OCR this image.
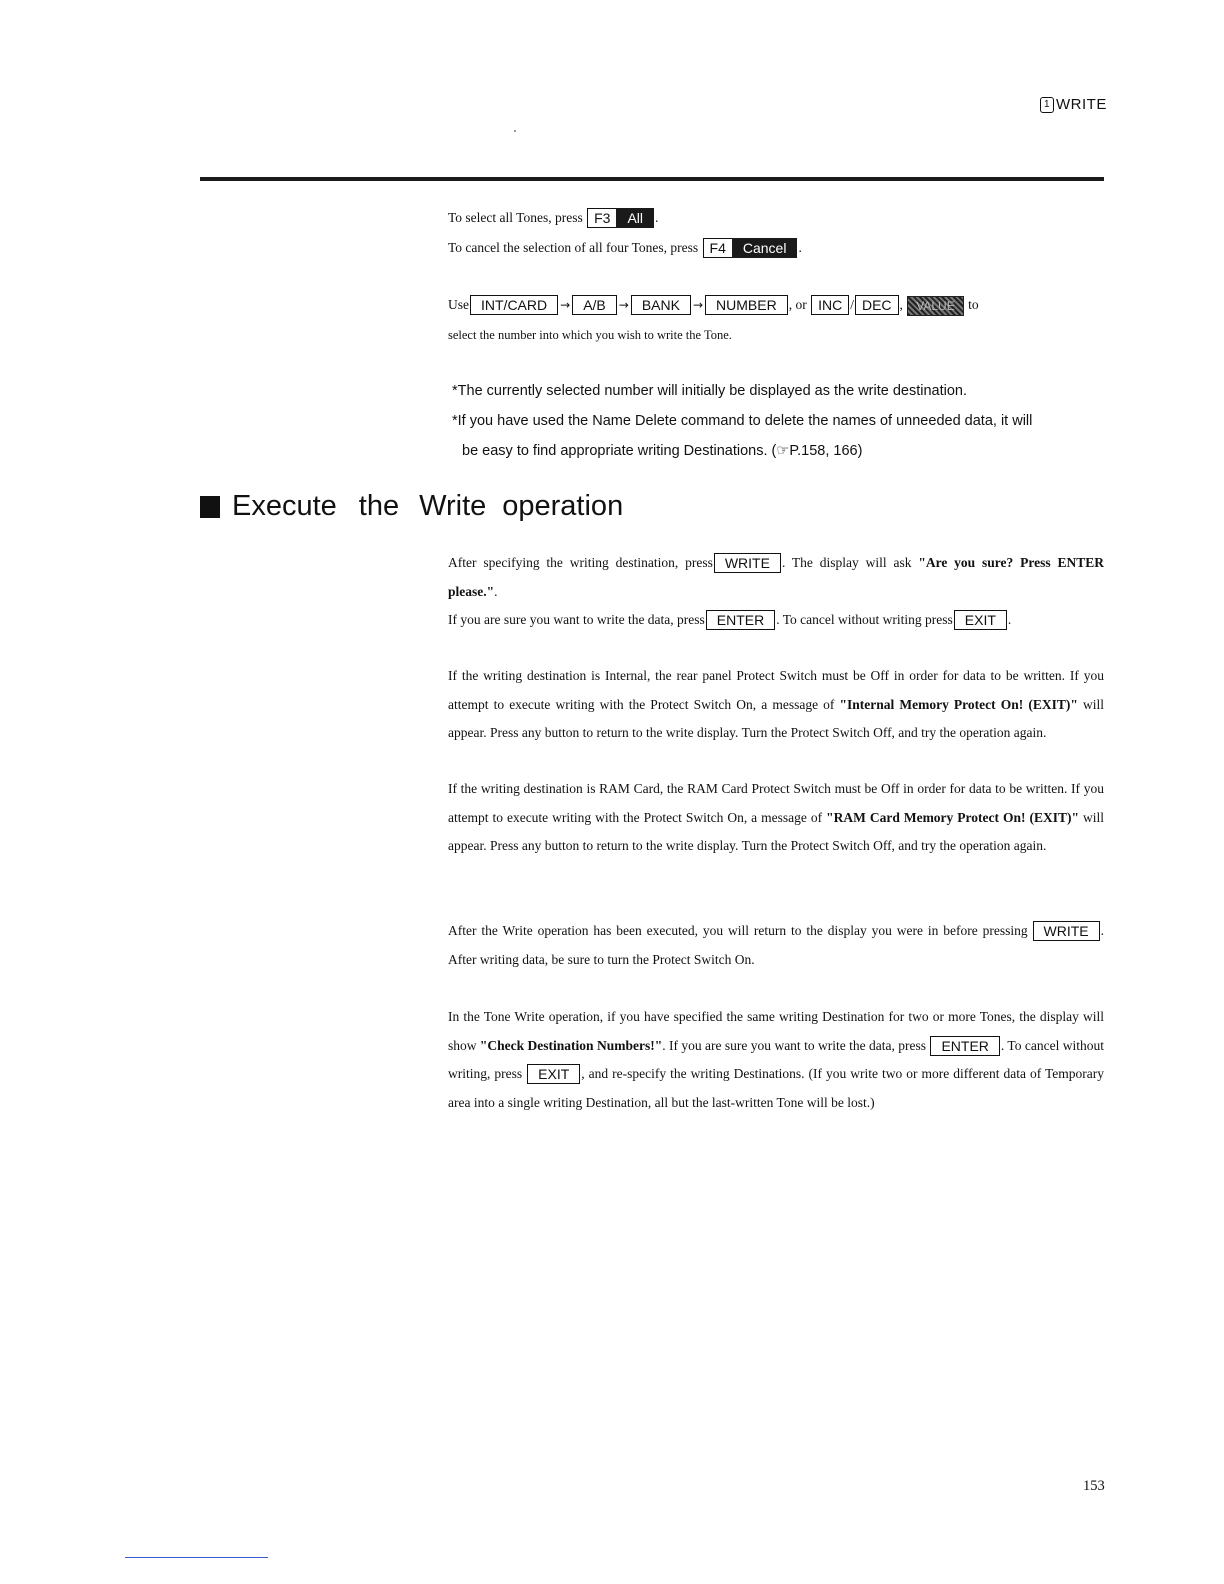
1 WRITE
To select all Tones, press F3 All .
To cancel the selection of all four Tones, press F4 Cancel .
Use INT/CARD → A/B → BANK → NUMBER , or INC / DEC , VALUE to
select the number into which you wish to write the Tone.
*The currently selected number will initially be displayed as the write destination.
*If you have used the Name Delete command to delete the names of unneeded data, it will
be easy to find appropriate writing Destinations. (☞P.158, 166)
Execute the Write operation

After specifying the writing destination, press WRITE . The display will ask "Are you sure? Press ENTER please.".
If you are sure you want to write the data, press ENTER . To cancel without writing press EXIT .

If the writing destination is Internal, the rear panel Protect Switch must be Off in order for data to be written. If you attempt to execute writing with the Protect Switch On, a message of "Internal Memory Protect On! (EXIT)" will appear. Press any button to return to the write display. Turn the Protect Switch Off, and try the operation again.

If the writing destination is RAM Card, the RAM Card Protect Switch must be Off in order for data to be written. If you attempt to execute writing with the Protect Switch On, a message of "RAM Card Memory Protect On! (EXIT)" will appear. Press any button to return to the write display. Turn the Protect Switch Off, and try the operation again.

After the Write operation has been executed, you will return to the display you were in before pressing WRITE . After writing data, be sure to turn the Protect Switch On.

In the Tone Write operation, if you have specified the same writing Destination for two or more Tones, the display will show "Check Destination Numbers!". If you are sure you want to write the data, press ENTER . To cancel without writing, press EXIT , and re-specify the writing Destinations. (If you write two or more different data of Temporary area into a single writing Destination, all but the last-written Tone will be lost.)

153
